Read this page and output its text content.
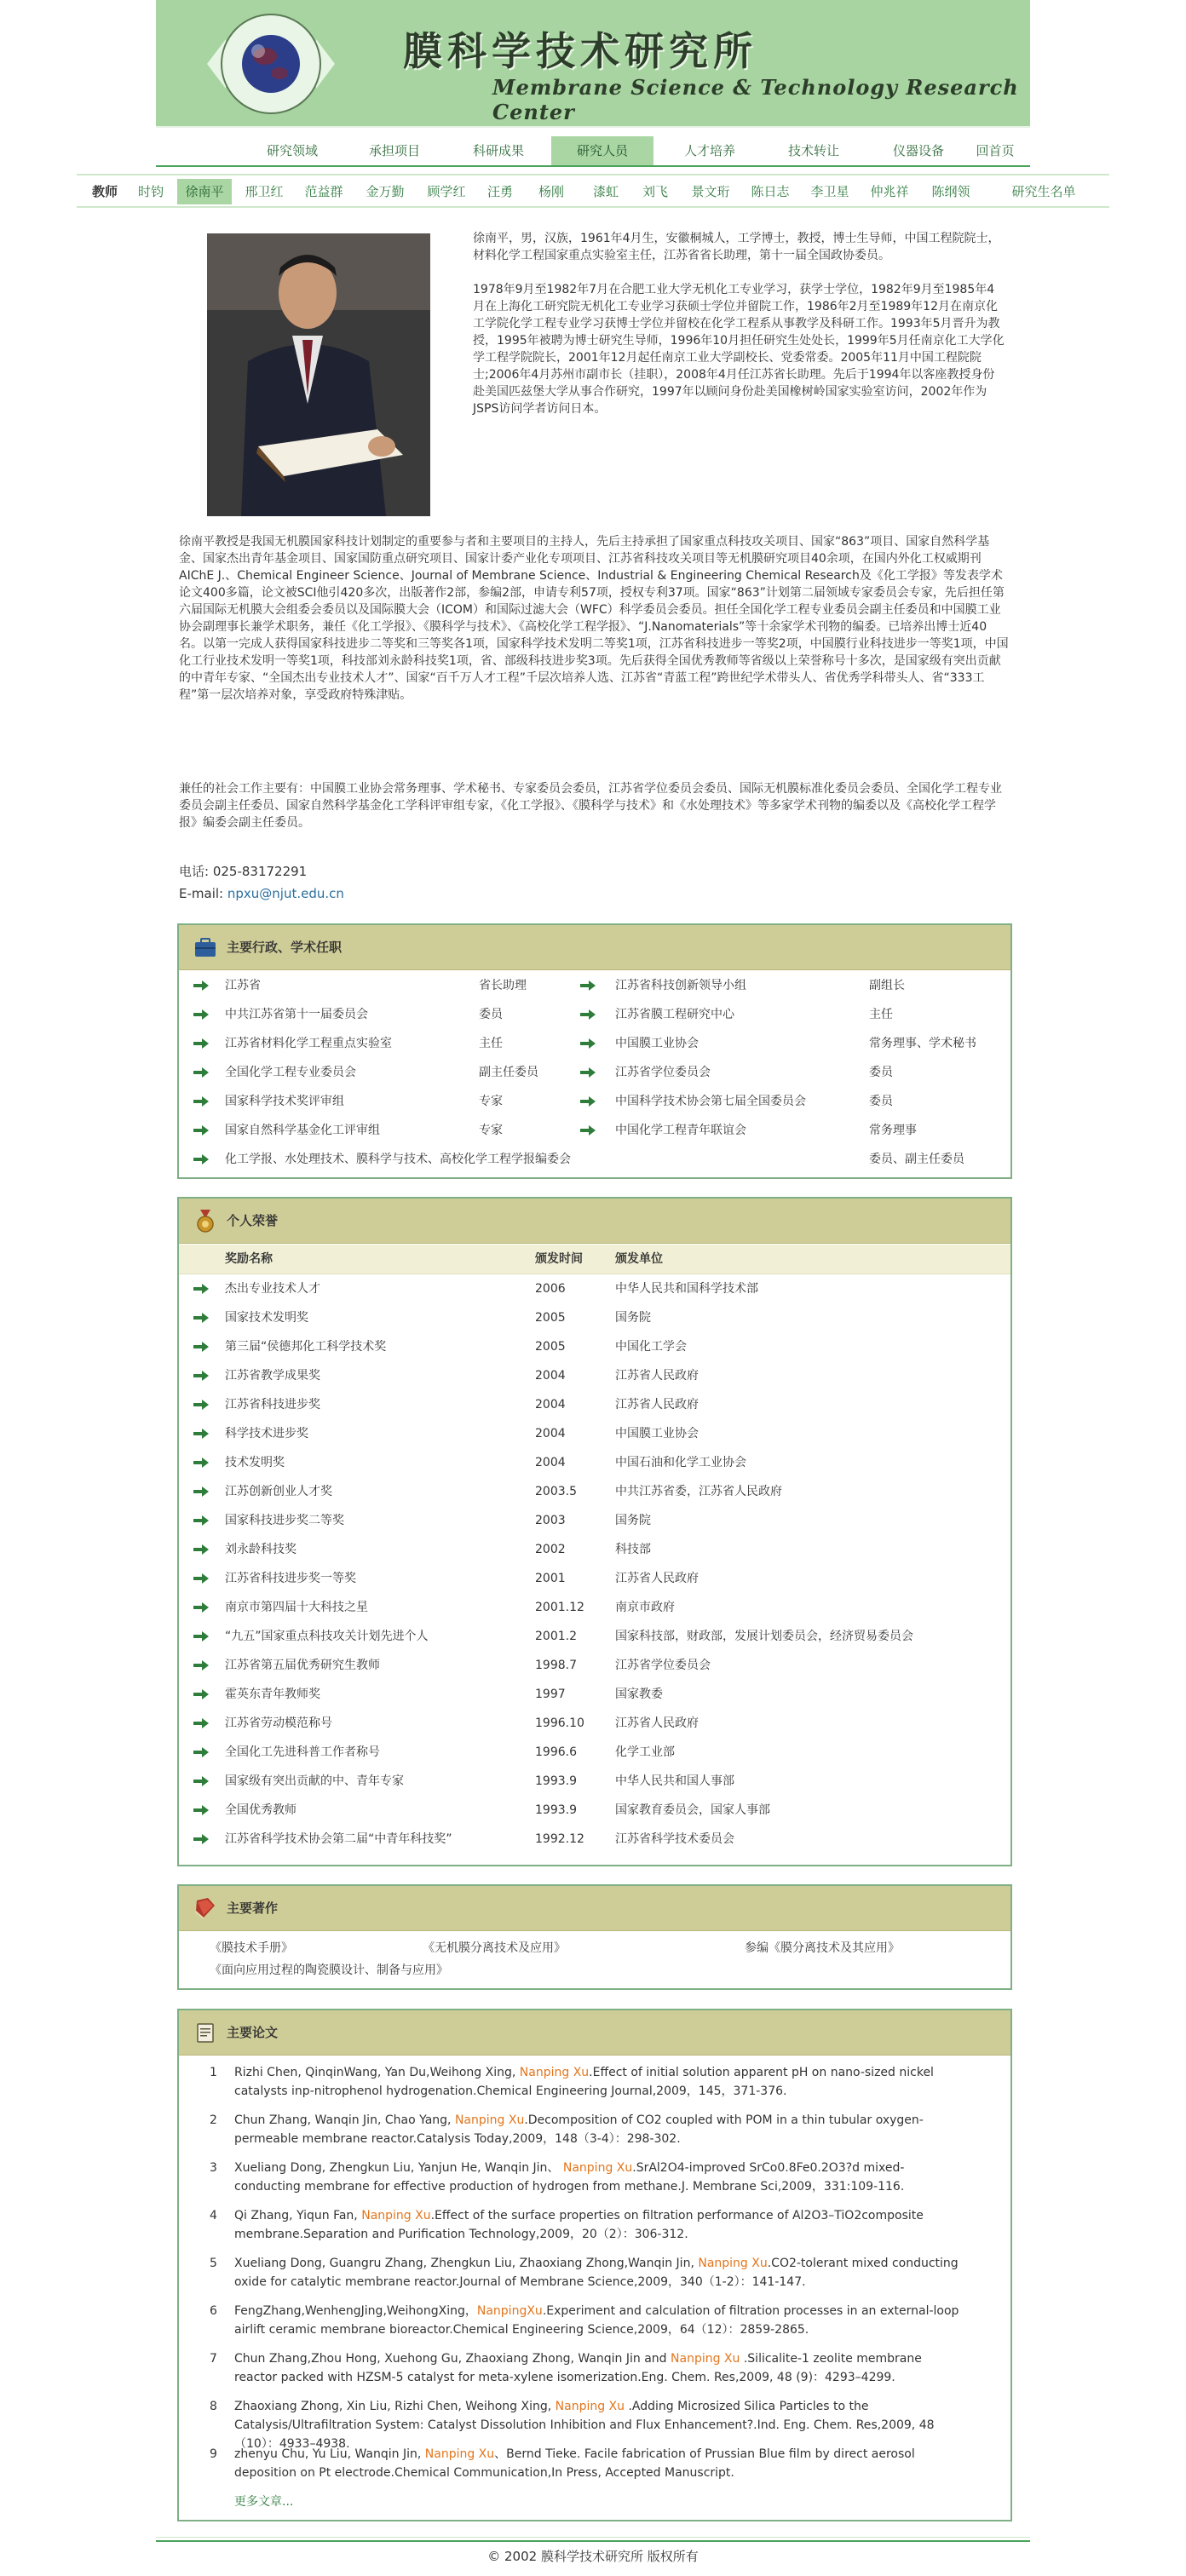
膜科学技术研究所
Membrane Science & Technology Research Center
研究领域	承担项目	科研成果	研究人员	人才培养	技术转让	仪器设备	回首页
教师	时钧	徐南平	邢卫红	范益群	金万勤	顾学红	汪勇	杨刚	漆虹	刘飞	景文珩	陈日志	李卫星	仲兆祥	陈纲领	研究生名单

徐南平，男，汉族，1961年4月生，安徽桐城人，工学博士，教授，博士生导师，中国工程院院士，材料化学工程国家重点实验室主任，江苏省省长助理，第十一届全国政协委员。

1978年9月至1982年7月在合肥工业大学无机化工专业学习，获学士学位，1982年9月至1985年4月在上海化工研究院无机化工专业学习获硕士学位并留院工作，1986年2月至1989年12月在南京化工学院化学工程专业学习获博士学位并留校在化学工程系从事教学及科研工作。1993年5月晋升为教授，1995年被聘为博士研究生导师，1996年10月担任研究生处处长，1999年5月任南京化工大学化学工程学院院长，2001年12月起任南京工业大学副校长、党委常委。2005年11月中国工程院院士;2006年4月苏州市副市长（挂职），2008年4月任江苏省长助理。先后于1994年以客座教授身份赴美国匹兹堡大学从事合作研究，1997年以顾问身份赴美国橡树岭国家实验室访问，2002年作为JSPS访问学者访问日本。

徐南平教授是我国无机膜国家科技计划制定的重要参与者和主要项目的主持人，先后主持承担了国家重点科技攻关项目、国家“863”项目、国家自然科学基金、国家杰出青年基金项目、国家国防重点研究项目、国家计委产业化专项项目、江苏省科技攻关项目等无机膜研究项目40余项，在国内外化工权威期刊AIChE J.、Chemical Engineer Science、Journal of Membrane Science、Industrial & Engineering Chemical Research及《化工学报》等发表学术论文400多篇，论文被SCI他引420多次，出版著作2部，参编2部，申请专利57项，授权专利37项。国家“863”计划第二届领域专家委员会专家，先后担任第六届国际无机膜大会组委会委员以及国际膜大会（ICOM）和国际过滤大会（WFC）科学委员会委员。担任全国化学工程专业委员会副主任委员和中国膜工业协会副理事长兼学术职务，兼任《化工学报》、《膜科学与技术》、《高校化学工程学报》、“J.Nanomaterials”等十余家学术刊物的编委。已培养出博士近40名。以第一完成人获得国家科技进步二等奖和三等奖各1项，国家科学技术发明二等奖1项，江苏省科技进步一等奖2项，中国膜行业科技进步一等奖1项，中国化工行业技术发明一等奖1项，科技部刘永龄科技奖1项，省、部级科技进步奖3项。先后获得全国优秀教师等省级以上荣誉称号十多次，是国家级有突出贡献的中青年专家、“全国杰出专业技术人才”、国家“百千万人才工程”千层次培养人选、江苏省“青蓝工程”跨世纪学术带头人、省优秀学科带头人、省“333工程”第一层次培养对象，享受政府特殊津贴。
兼任的社会工作主要有：中国膜工业协会常务理事、学术秘书、专家委员会委员，江苏省学位委员会委员、国际无机膜标准化委员会委员、全国化学工程专业委员会副主任委员、国家自然科学基金化工学科评审组专家，《化工学报》、《膜科学与技术》和《水处理技术》等多家学术刊物的编委以及《高校化学工程学报》编委会副主任委员。
电话: 025-83172291
E-mail: npxu@njut.edu.cn
主要行政、学术任职
江苏省	省长助理	江苏省科技创新领导小组	副组长
中共江苏省第十一届委员会	委员	江苏省膜工程研究中心	主任
江苏省材料化学工程重点实验室	主任	中国膜工业协会	常务理事、学术秘书
全国化学工程专业委员会	副主任委员	江苏省学位委员会	委员
国家科学技术奖评审组	专家	中国科学技术协会第七届全国委员会	委员
国家自然科学基金化工评审组	专家	中国化学工程青年联谊会	常务理事
化工学报、水处理技术、膜科学与技术、高校化学工程学报编委会	委员、副主任委员
个人荣誉
奖励名称	颁发时间	颁发单位
杰出专业技术人才	2006	中华人民共和国科学技术部
国家技术发明奖	2005	国务院
第三届“侯德邦化工科学技术奖	2005	中国化工学会
江苏省教学成果奖	2004	江苏省人民政府
江苏省科技进步奖	2004	江苏省人民政府
科学技术进步奖	2004	中国膜工业协会
技术发明奖	2004	中国石油和化学工业协会
江苏创新创业人才奖	2003.5	中共江苏省委，江苏省人民政府
国家科技进步奖二等奖	2003	国务院
刘永龄科技奖	2002	科技部
江苏省科技进步奖一等奖	2001	江苏省人民政府
南京市第四届十大科技之星	2001.12	南京市政府
“九五”国家重点科技攻关计划先进个人	2001.2	国家科技部，财政部，发展计划委员会，经济贸易委员会
江苏省第五届优秀研究生教师	1998.7	江苏省学位委员会
霍英东青年教师奖	1997	国家教委
江苏省劳动模范称号	1996.10	江苏省人民政府
全国化工先进科普工作者称号	1996.6	化学工业部
国家级有突出贡献的中、青年专家	1993.9	中华人民共和国人事部
全国优秀教师	1993.9	国家教育委员会，国家人事部
江苏省科学技术协会第二届“中青年科技奖”	1992.12	江苏省科学技术委员会
主要著作
《膜技术手册》	《无机膜分离技术及应用》	参编《膜分离技术及其应用》
《面向应用过程的陶瓷膜设计、制备与应用》
主要论文
1 Rizhi Chen, QinqinWang, Yan Du,Weihong Xing, Nanping Xu.Effect of initial solution apparent pH on nano-sized nickel catalysts inp-nitrophenol hydrogenation.Chemical Engineering Journal,2009，145，371-376.
2 Chun Zhang, Wanqin Jin, Chao Yang, Nanping Xu.Decomposition of CO2 coupled with POM in a thin tubular oxygen-permeable membrane reactor.Catalysis Today,2009，148（3-4）：298-302.
3 Xueliang Dong, Zhengkun Liu, Yanjun He, Wanqin Jin、 Nanping Xu.SrAl2O4-improved SrCo0.8Fe0.2O3?d mixed-conducting membrane for effective production of hydrogen from methane.J. Membrane Sci,2009，331:109-116.
4 Qi Zhang, Yiqun Fan, Nanping Xu.Effect of the surface properties on filtration performance of Al2O3–TiO2composite membrane.Separation and Purification Technology,2009，20（2）：306-312.
5 Xueliang Dong, Guangru Zhang, Zhengkun Liu, Zhaoxiang Zhong,Wanqin Jin, Nanping Xu.CO2-tolerant mixed conducting oxide for catalytic membrane reactor.Journal of Membrane Science,2009，340（1-2）：141-147.
6 FengZhang,WenhengJing,WeihongXing，NanpingXu.Experiment and calculation of filtration processes in an external-loop airlift ceramic membrane bioreactor.Chemical Engineering Science,2009，64（12）：2859-2865.
7 Chun Zhang,Zhou Hong, Xuehong Gu, Zhaoxiang Zhong, Wanqin Jin and Nanping Xu .Silicalite-1 zeolite membrane reactor packed with HZSM-5 catalyst for meta-xylene isomerization.Eng. Chem. Res,2009, 48 (9)：4293–4299.
8 Zhaoxiang Zhong, Xin Liu, Rizhi Chen, Weihong Xing, Nanping Xu .Adding Microsized Silica Particles to the Catalysis/Ultrafiltration System: Catalyst Dissolution Inhibition and Flux Enhancement?.Ind. Eng. Chem. Res,2009, 48（10）：4933–4938.
9 zhenyu Chu, Yu Liu, Wanqin Jin, Nanping Xu、Bernd Tieke. Facile fabrication of Prussian Blue film by direct aerosol deposition on Pt electrode.Chemical Communication,In Press, Accepted Manuscript.
更多文章...
© 2002 膜科学技术研究所 版权所有
